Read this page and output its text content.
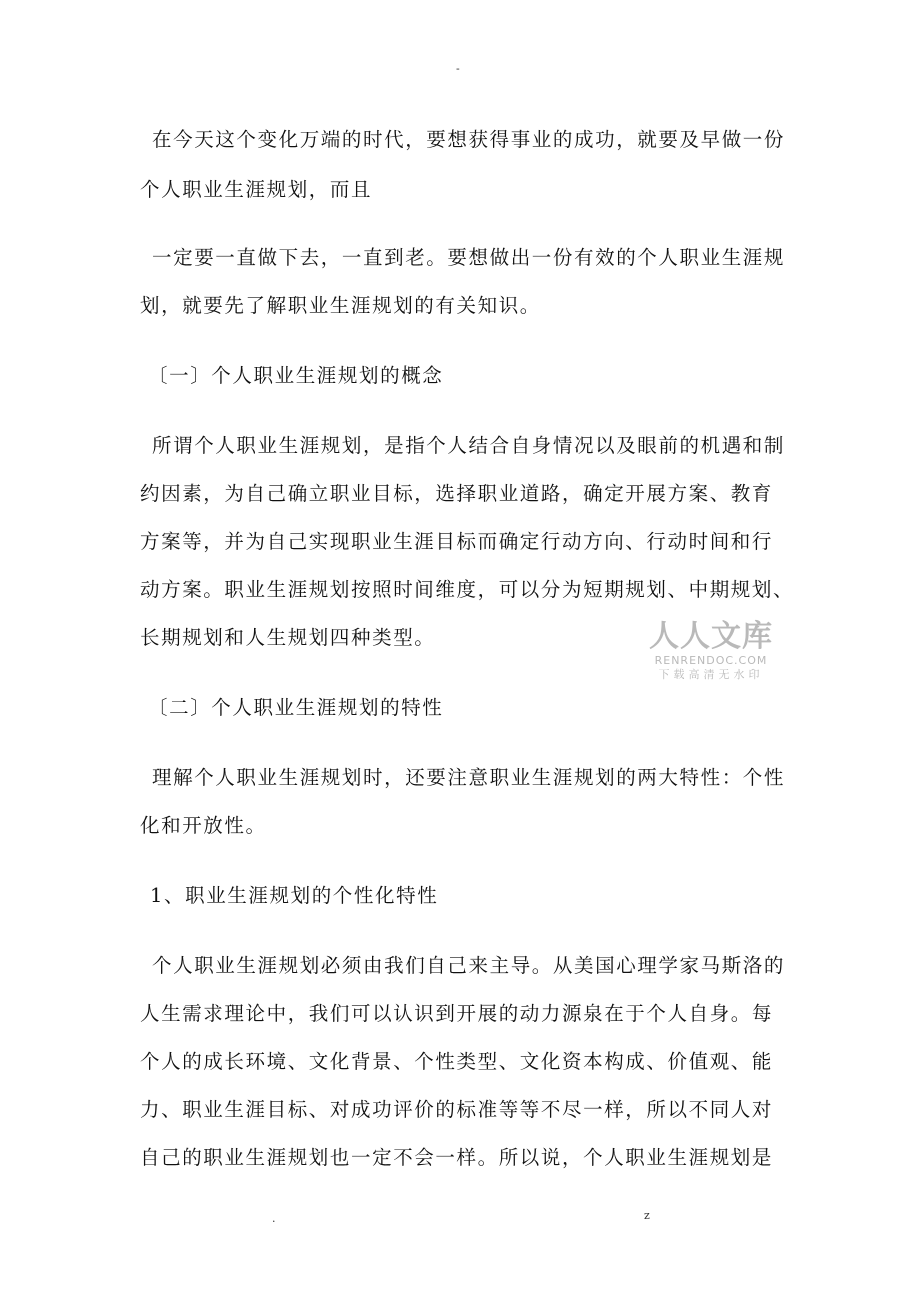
-
在今天这个变化万端的时代，要想获得事业的成功，就要及早做一份
个人职业生涯规划，而且
一定要一直做下去，一直到老。要想做出一份有效的个人职业生涯规
划，就要先了解职业生涯规划的有关知识。
〔一〕个人职业生涯规划的概念
所谓个人职业生涯规划，是指个人结合自身情况以及眼前的机遇和制
约因素，为自己确立职业目标，选择职业道路，确定开展方案、教育
方案等，并为自己实现职业生涯目标而确定行动方向、行动时间和行
动方案。职业生涯规划按照时间维度，可以分为短期规划、中期规划、
长期规划和人生规划四种类型。
〔二〕个人职业生涯规划的特性
理解个人职业生涯规划时，还要注意职业生涯规划的两大特性：个性
化和开放性。
1、职业生涯规划的个性化特性
个人职业生涯规划必须由我们自己来主导。从美国心理学家马斯洛的
人生需求理论中，我们可以认识到开展的动力源泉在于个人自身。每
个人的成长环境、文化背景、个性类型、文化资本构成、价值观、能
力、职业生涯目标、对成功评价的标准等等不尽一样，所以不同人对
自己的职业生涯规划也一定不会一样。所以说，个人职业生涯规划是
人人文库
RENRENDOC.COM
下载高清无水印
.	z
